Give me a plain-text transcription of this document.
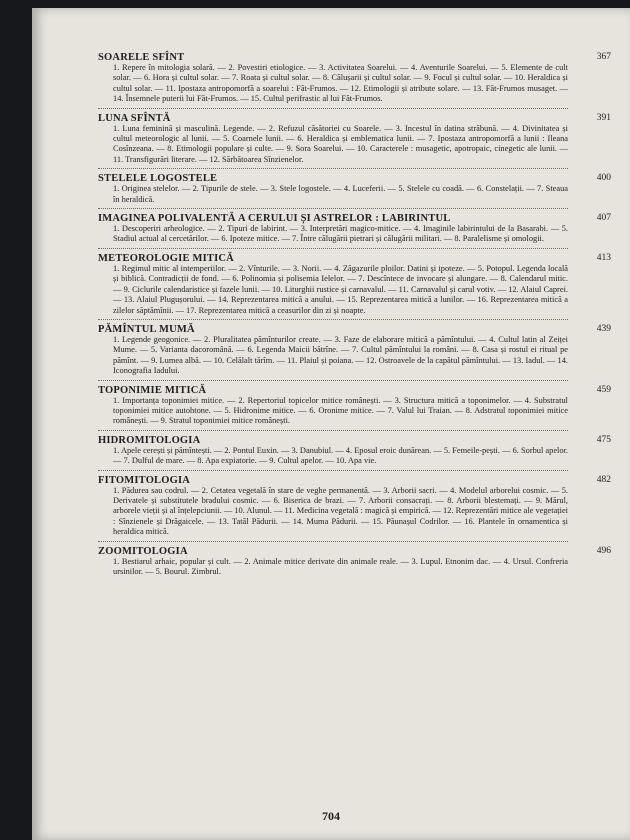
367
SOARELE SFÎNT
1. Repere în mitologia solară. — 2. Povestiri etiologice. — 3. Activitatea Soarelui. — 4. Aventurile Soarelui. — 5. Elemente de cult solar. — 6. Hora și cultul solar. — 7. Roata și cultul solar. — 8. Călușarii și cultul solar. — 9. Focul și cultul solar. — 10. Heraldica și cultul solar. — 11. Ipostaza antropomorfă a soarelui : Făt-Frumos. — 12. Etimologii și atribute solare. — 13. Făt-Frumos musaget. — 14. Însemnele puterii lui Făt-Frumos. — 15. Cultul perifrastic al lui Făt-Frumos.
391
LUNA SFÎNTĂ
1. Luna feminină și masculină. Legende. — 2. Refuzul căsătoriei cu Soarele. — 3. Incestul în datina străbună. — 4. Divinitatea și cultul meteorologic al lunii. — 5. Coarnele lunii. — 6. Heraldica și emblematica lunii. — 7. Ipostaza antropomorfă a lunii : Ileana Cosînzeana. — 8. Etimologii populare și culte. — 9. Sora Soarelui. — 10. Caracterele : musagetic, apotropaic, cinegetic ale lunii. — 11. Transfigurări literare. — 12. Sărbătoarea Sînzienelor.
400
STELELE LOGOSTELE
1. Originea stelelor. — 2. Tipurile de stele. — 3. Stele logostele. — 4. Luceferii. — 5. Stelele cu coadă. — 6. Constelații. — 7. Steaua în heraldică.
407
IMAGINEA POLIVALENTĂ A CERULUI ȘI ASTRELOR : LABIRINTUL
1. Descoperiri arheologice. — 2. Tipuri de labirint. — 3. Interpretări magico-mitice. — 4. Imaginile labirintului de la Basarabi. — 5. Stadiul actual al cercetărilor. — 6. Ipoteze mitice. — 7. Între călugării pietrari și călugării militari. — 8. Paralelisme și omologii.
413
METEOROLOGIE MITICĂ
1. Regimul mitic al intemperiilor. — 2. Vînturile. — 3. Norii. — 4. Zăgazurile ploilor. Datini și ipoteze. — 5. Potopul. Legenda locală și biblică. Contradicții de fond. — 6. Polinomia și polisemia Ielelor. — 7. Descîntece de invocare și alungare. — 8. Calendarul mitic. — 9. Ciclurile calendaristice și fazele lunii. — 10. Liturghii rustice și carnavalul. — 11. Carnavalul și carul votiv. — 12. Alaiul Caprei. — 13. Alaiul Plugușorului. — 14. Reprezentarea mitică a anului. — 15. Reprezentarea mitică a lunilor. — 16. Reprezentarea mitică a zilelor săptămînii. — 17. Reprezentarea mitică a ceasurilor din zi și noapte.
439
PĂMÎNTUL MUMĂ
1. Legende geogonice. — 2. Pluralitatea pămînturilor create. — 3. Faze de elaborare mitică a pămîntului. — 4. Cultul latin al Zeiței Mume. — 5. Varianta dacoromână. — 6. Legenda Maicii bătrîne. — 7. Cultul pămîntului la români. — 8. Casa și rostul ei ritual pe pămînt. — 9. Lumea albă. — 10. Celălalt tărîm. — 11. Plaiul și poiana. — 12. Ostroavele de la capătul pămîntului. — 13. Iadul. — 14. Iconografia Iadului.
459
TOPONIMIE MITICĂ
1. Importanța toponimiei mitice. — 2. Repertoriul topicelor mitice românești. — 3. Structura mitică a toponimelor. — 4. Substratul toponimiei mitice autohtone. — 5. Hidronime mitice. — 6. Oronime mitice. — 7. Valul lui Traian. — 8. Adstratul toponimiei mitice românești. — 9. Stratul toponimiei mitice românești.
475
HIDROMITOLOGIA
1. Apele cerești și pămîntești. — 2. Pontul Euxin. — 3. Danubiul. — 4. Eposul eroic dunărean. — 5. Femeile-pești. — 6. Sorbul apelor. — 7. Dulful de mare. — 8. Apa expiatorie. — 9. Cultul apelor. — 10. Apa vie.
482
FITOMITOLOGIA
1. Pădurea sau codrul. — 2. Cetatea vegetală în stare de veghe permanentă. — 3. Arborii sacri. — 4. Modelul arborelui cosmic. — 5. Derivatele și substitutele bradului cosmic. — 6. Biserica de brazi. — 7. Arborii consacrați. — 8. Arborii blestemați. — 9. Mărul, arborele vieții și al înțelepciunii. — 10. Alunul. — 11. Medicina vegetală : magică și empirică. — 12. Reprezentări mitice ale vegetației : Sînzienele și Drăgaicele. — 13. Tatăl Pădurii. — 14. Muma Pădurii. — 15. Păunașul Codrilor. — 16. Plantele în ornamentica și heraldica mitică.
496
ZOOMITOLOGIA
1. Bestiarul arhaic, popular și cult. — 2. Animale mitice derivate din animale reale. — 3. Lupul. Etnonim dac. — 4. Ursul. Confreria ursinilor. — 5. Bourul. Zimbrul.
704
